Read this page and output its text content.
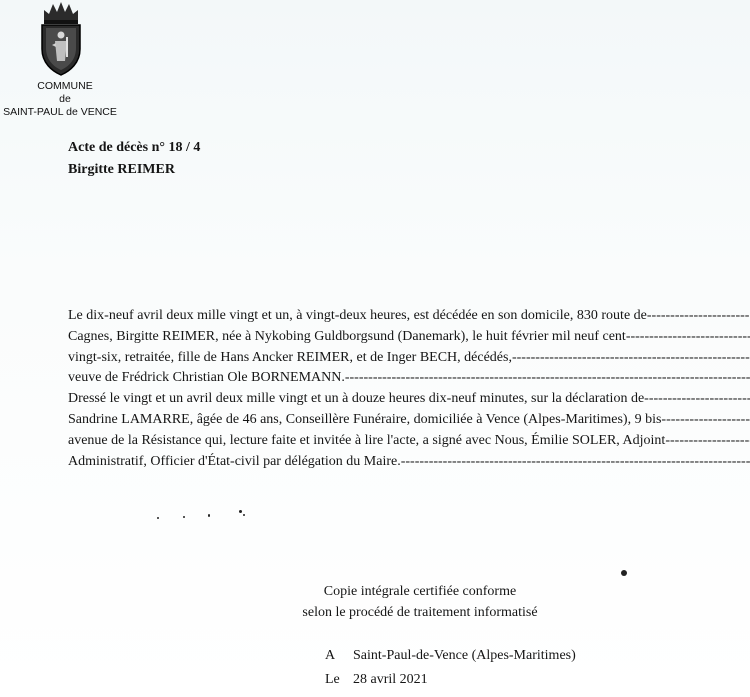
COMMUNE
de
SAINT-PAUL de VENCE
Acte de décès n° 18 / 4
Birgitte REIMER
Le dix-neuf avril deux mille vingt et un, à vingt-deux heures, est décédée en son domicile, 830 route de
-----
Cagnes, Birgitte REIMER, née à Nykobing Guldborgsund (Danemark), le huit février mil neuf cent
-----
vingt-six, retraitée, fille de Hans Ancker REIMER, et de Inger BECH, décédés,
-----
veuve de Frédrick Christian Ole BORNEMANN.
-----
Dressé le vingt et un avril deux mille vingt et un à douze heures dix-neuf minutes, sur la déclaration de
-----
Sandrine LAMARRE, âgée de 46 ans, Conseillère Funéraire, domiciliée à Vence (Alpes-Maritimes), 9 bis
-----
avenue de la Résistance qui, lecture faite et invitée à lire l'acte, a signé avec Nous, Émilie SOLER, Adjoint
-----
Administratif, Officier d'État-civil par délégation du Maire.
-----
Copie intégrale certifiée conforme
selon le procédé de traitement informatisé
A Saint-Paul-de-Vence (Alpes-Maritimes)
Le 28 avril 2021
